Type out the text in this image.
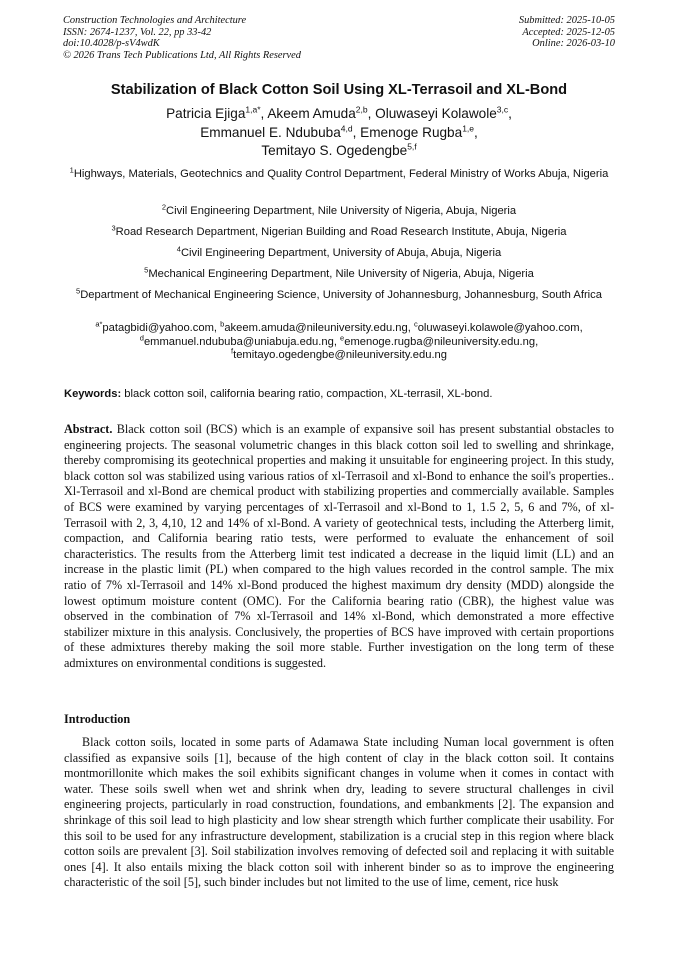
Construction Technologies and Architecture
ISSN: 2674-1237, Vol. 22, pp 33-42
doi:10.4028/p-sV4wdK
© 2026 Trans Tech Publications Ltd, All Rights Reserved
Submitted: 2025-10-05
Accepted: 2025-12-05
Online: 2026-03-10
Stabilization of Black Cotton Soil Using XL-Terrasoil and XL-Bond
Patricia Ejiga$^{1,a*}$, Akeem Amuda$^{2,b}$, Oluwaseyi Kolawole$^{3,c}$,
Emmanuel E. Ndububa$^{4,d}$, Emenoge Rugba$^{1,e}$,
Temitayo S. Ogedengbe$^{5,f}$
$^1$Highways, Materials, Geotechnics and Quality Control Department, Federal Ministry of Works Abuja, Nigeria
$^2$Civil Engineering Department, Nile University of Nigeria, Abuja, Nigeria
$^3$Road Research Department, Nigerian Building and Road Research Institute, Abuja, Nigeria
$^4$Civil Engineering Department, University of Abuja, Abuja, Nigeria
$^5$Mechanical Engineering Department, Nile University of Nigeria, Abuja, Nigeria
$^5$Department of Mechanical Engineering Science, University of Johannesburg, Johannesburg, South Africa
$^{a*}$patagbidi@yahoo.com, $^b$akeem.amuda@nileuniversity.edu.ng, $^c$oluwaseyi.kolawole@yahoo.com,
$^d$emmanuel.ndububa@uniabuja.edu.ng, $^e$emenoge.rugba@nileuniversity.edu.ng,
$^f$temitayo.ogedengbe@nileuniversity.edu.ng
Keywords: black cotton soil, california bearing ratio, compaction, XL-terrasil, XL-bond.

Abstract. Black cotton soil (BCS) which is an example of expansive soil has present substantial obstacles to engineering projects. The seasonal volumetric changes in this black cotton soil led to swelling and shrinkage, thereby compromising its geotechnical properties and making it unsuitable for engineering project. In this study, black cotton sol was stabilized using various ratios of xl-Terrasoil and xl-Bond to enhance the soil's properties.. Xl-Terrasoil and xl-Bond are chemical product with stabilizing properties and commercially available. Samples of BCS were examined by varying percentages of xl-Terrasoil and xl-Bond to 1, 1.5 2, 5, 6 and 7%, of xl-Terrasoil with 2, 3, 4,10, 12 and 14% of xl-Bond. A variety of geotechnical tests, including the Atterberg limit, compaction, and California bearing ratio tests, were performed to evaluate the enhancement of soil characteristics. The results from the Atterberg limit test indicated a decrease in the liquid limit (LL) and an increase in the plastic limit (PL) when compared to the high values recorded in the control sample. The mix ratio of 7% xl-Terrasoil and 14% xl-Bond produced the highest maximum dry density (MDD) alongside the lowest optimum moisture content (OMC). For the California bearing ratio (CBR), the highest value was observed in the combination of 7% xl-Terrasoil and 14% xl-Bond, which demonstrated a more effective stabilizer mixture in this analysis. Conclusively, the properties of BCS have improved with certain proportions of these admixtures thereby making the soil more stable. Further investigation on the long term of these admixtures on environmental conditions is suggested.

Introduction

Black cotton soils, located in some parts of Adamawa State including Numan local government is often classified as expansive soils [1], because of the high content of clay in the black cotton soil. It contains montmorillonite which makes the soil exhibits significant changes in volume when it comes in contact with water. These soils swell when wet and shrink when dry, leading to severe structural challenges in civil engineering projects, particularly in road construction, foundations, and embankments [2]. The expansion and shrinkage of this soil lead to high plasticity and low shear strength which further complicate their usability. For this soil to be used for any infrastructure development, stabilization is a crucial step in this region where black cotton soils are prevalent [3]. Soil stabilization involves removing of defected soil and replacing it with suitable ones [4]. It also entails mixing the black cotton soil with inherent binder so as to improve the engineering characteristic of the soil [5], such binder includes but not limited to the use of lime, cement, rice husk
